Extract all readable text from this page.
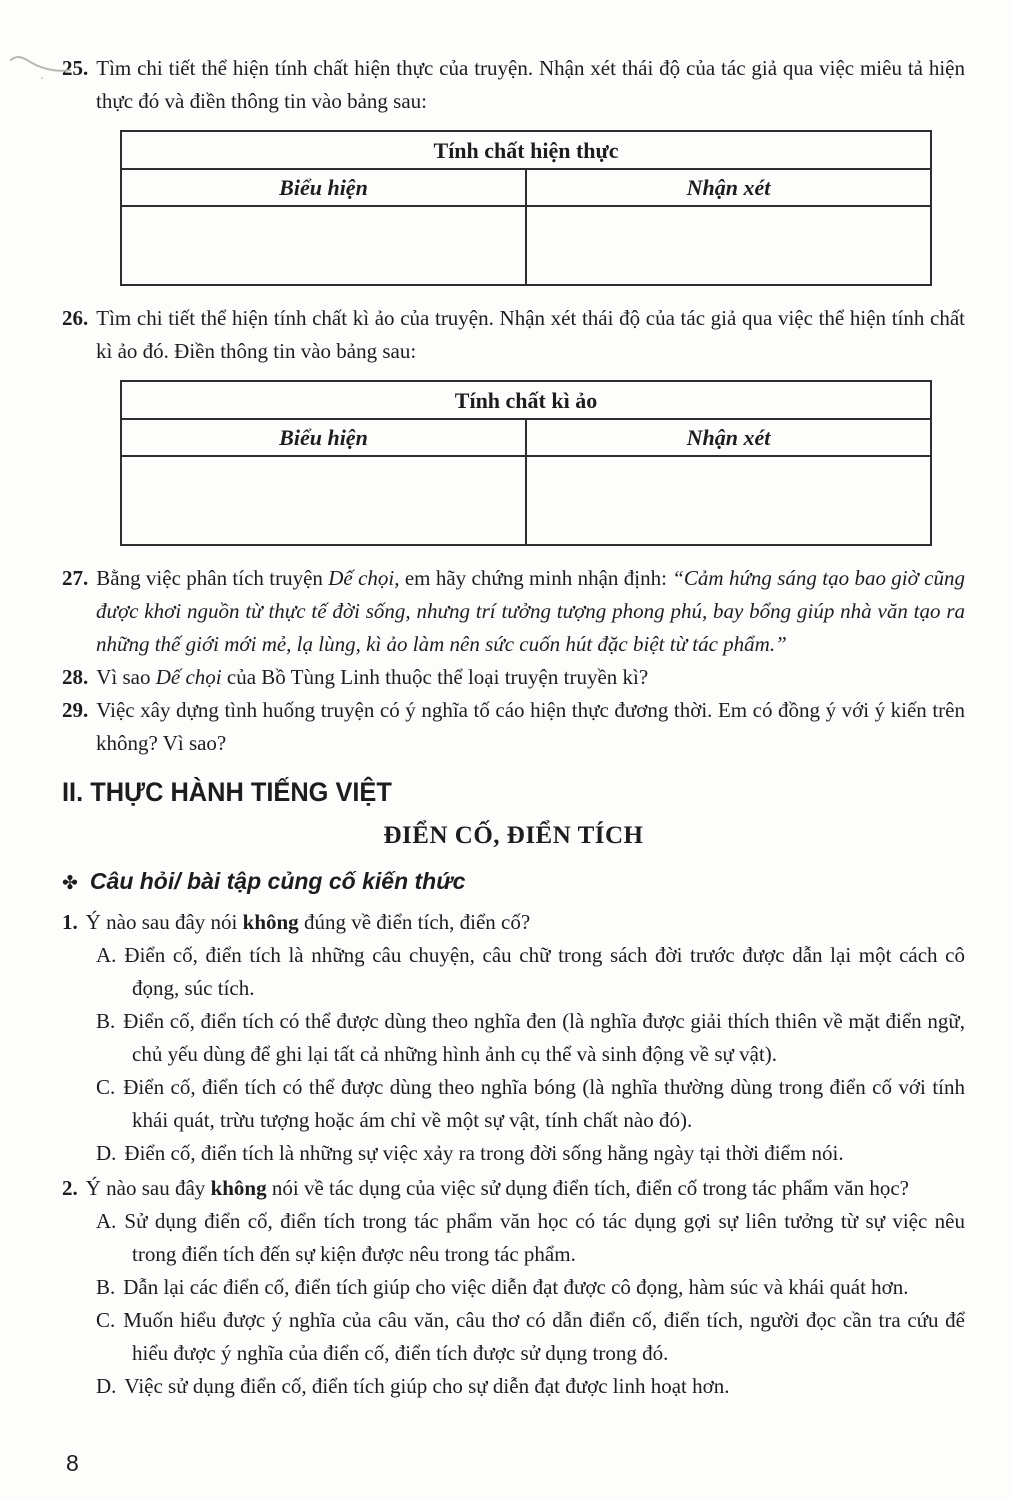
25. Tìm chi tiết thể hiện tính chất hiện thực của truyện. Nhận xét thái độ của tác giả qua việc miêu tả hiện thực đó và điền thông tin vào bảng sau:
Tính chất hiện thực	
Biểu hiện	Nhận xét

26. Tìm chi tiết thể hiện tính chất kì ảo của truyện. Nhận xét thái độ của tác giả qua việc thể hiện tính chất kì ảo đó. Điền thông tin vào bảng sau:
Tính chất kì ảo	
Biểu hiện	Nhận xét

27. Bằng việc phân tích truyện Dế chọi, em hãy chứng minh nhận định: “Cảm hứng sáng tạo bao giờ cũng được khơi nguồn từ thực tế đời sống, nhưng trí tưởng tượng phong phú, bay bổng giúp nhà văn tạo ra những thế giới mới mẻ, lạ lùng, kì ảo làm nên sức cuốn hút đặc biệt từ tác phẩm.”
28. Vì sao Dế chọi của Bồ Tùng Linh thuộc thể loại truyện truyền kì?
29. Việc xây dựng tình huống truyện có ý nghĩa tố cáo hiện thực đương thời. Em có đồng ý với ý kiến trên không? Vì sao?
II. THỰC HÀNH TIẾNG VIỆT
ĐIỂN CỐ, ĐIỂN TÍCH
✤ Câu hỏi/ bài tập củng cố kiến thức
1. Ý nào sau đây nói không đúng về điển tích, điển cố?
A. Điển cố, điển tích là những câu chuyện, câu chữ trong sách đời trước được dẫn lại một cách cô đọng, súc tích.
B. Điển cố, điển tích có thể được dùng theo nghĩa đen (là nghĩa được giải thích thiên về mặt điển ngữ, chủ yếu dùng để ghi lại tất cả những hình ảnh cụ thể và sinh động về sự vật).
C. Điển cố, điển tích có thể được dùng theo nghĩa bóng (là nghĩa thường dùng trong điển cố với tính khái quát, trừu tượng hoặc ám chỉ về một sự vật, tính chất nào đó).
D. Điển cố, điển tích là những sự việc xảy ra trong đời sống hằng ngày tại thời điểm nói.
2. Ý nào sau đây không nói về tác dụng của việc sử dụng điển tích, điển cố trong tác phẩm văn học?
A. Sử dụng điển cố, điển tích trong tác phẩm văn học có tác dụng gợi sự liên tưởng từ sự việc nêu trong điển tích đến sự kiện được nêu trong tác phẩm.
B. Dẫn lại các điển cố, điển tích giúp cho việc diễn đạt được cô đọng, hàm súc và khái quát hơn.
C. Muốn hiểu được ý nghĩa của câu văn, câu thơ có dẫn điển cố, điển tích, người đọc cần tra cứu để hiểu được ý nghĩa của điển cố, điển tích được sử dụng trong đó.
D. Việc sử dụng điển cố, điển tích giúp cho sự diễn đạt được linh hoạt hơn.
8
